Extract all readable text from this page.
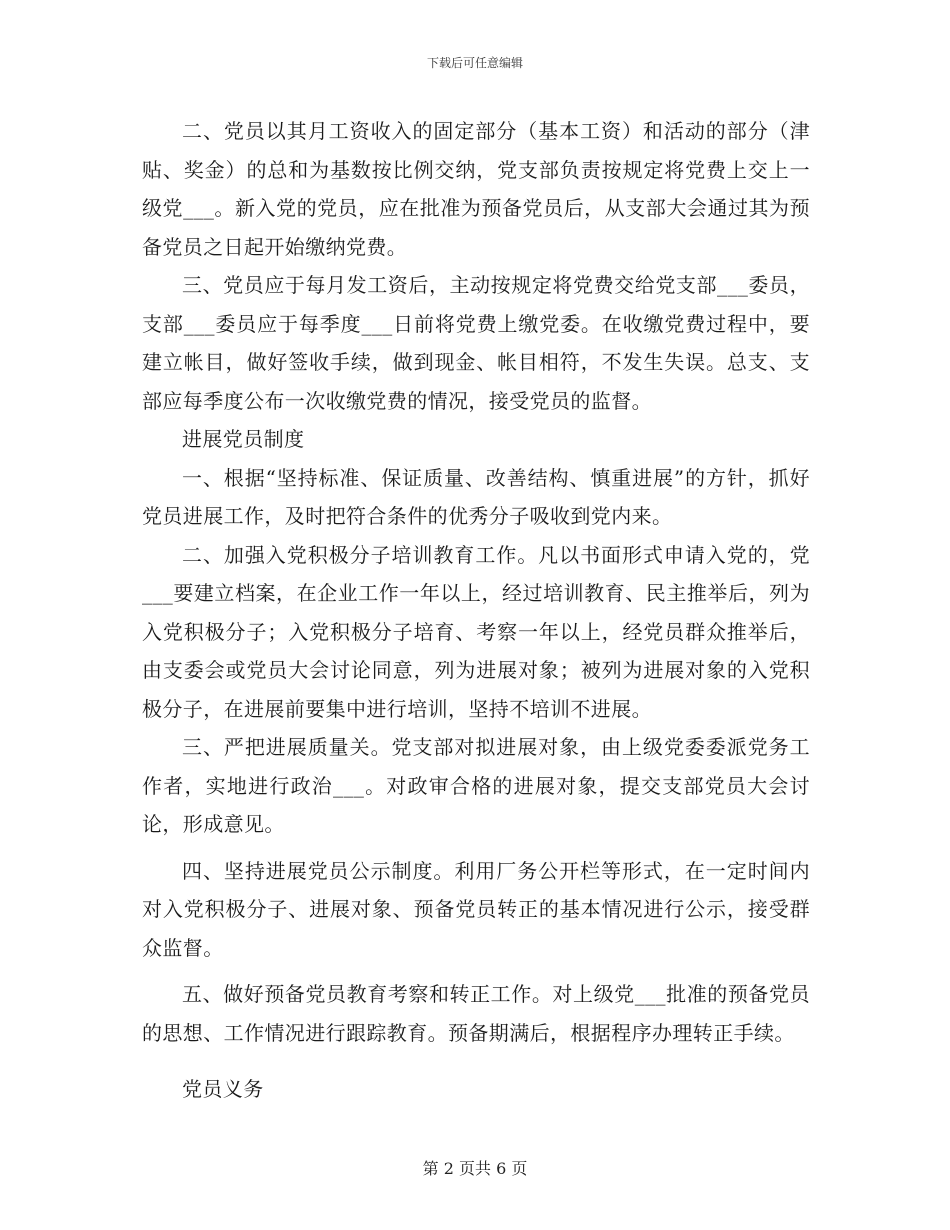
下载后可任意编辑

二、党员以其月工资收入的固定部分（基本工资）和活动的部分（津贴、奖金）的总和为基数按比例交纳，党支部负责按规定将党费上交上一级党___。新入党的党员，应在批准为预备党员后，从支部大会通过其为预备党员之日起开始缴纳党费。

三、党员应于每月发工资后，主动按规定将党费交给党支部___委员，支部___委员应于每季度___日前将党费上缴党委。在收缴党费过程中，要建立帐目，做好签收手续，做到现金、帐目相符，不发生失误。总支、支部应每季度公布一次收缴党费的情况，接受党员的监督。

进展党员制度

一、根据“坚持标准、保证质量、改善结构、慎重进展”的方针，抓好党员进展工作，及时把符合条件的优秀分子吸收到党内来。

二、加强入党积极分子培训教育工作。凡以书面形式申请入党的，党___要建立档案，在企业工作一年以上，经过培训教育、民主推举后，列为入党积极分子；入党积极分子培育、考察一年以上，经党员群众推举后，由支委会或党员大会讨论同意，列为进展对象；被列为进展对象的入党积极分子，在进展前要集中进行培训，坚持不培训不进展。

三、严把进展质量关。党支部对拟进展对象，由上级党委委派党务工作者，实地进行政治___。对政审合格的进展对象，提交支部党员大会讨论，形成意见。

四、坚持进展党员公示制度。利用厂务公开栏等形式，在一定时间内对入党积极分子、进展对象、预备党员转正的基本情况进行公示，接受群众监督。

五、做好预备党员教育考察和转正工作。对上级党___批准的预备党员的思想、工作情况进行跟踪教育。预备期满后，根据程序办理转正手续。

党员义务

第 2 页共 6 页
